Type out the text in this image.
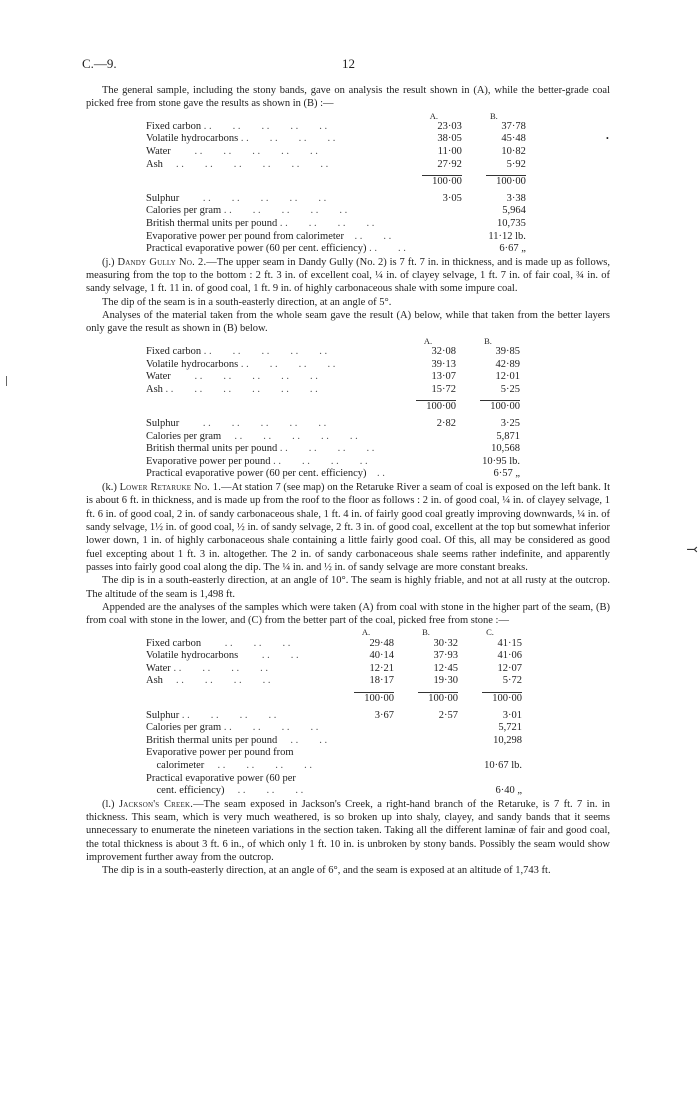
C.—9.	12
•
⤙

The general sample, including the stony bands, gave on analysis the result shown in (A), while the better-grade coal picked free from stone gave the results as shown in (B) :—

	A.	B.
Fixed carbon . .  . .  . .  . .  . .	23·03	37·78
Volatile hydrocarbons . .  . .  . .  . .	38·05	45·48
Water   . .  . .  . .  . .  . .	11·00	10·82
Ash  . .  . .  . .  . .  . .  . .	27·92	5·92

	100·00	100·00

Sulphur   . .  . .  . .  . .  . .	3·05	3·38
Calories per gram . .  . .  . .  . .  . .		5,964
British thermal units per pound . .  . .  . .  . .		10,735
Evaporative power per pound from calorimeter . .  . .		11·12 lb.
Practical evaporative power (60 per cent. efficiency) . .  . .		6·67 „

(j.) Dandy Gully No. 2.—The upper seam in Dandy Gully (No. 2) is 7 ft. 7 in. in thickness, and is made up as follows, measuring from the top to the bottom : 2 ft. 3 in. of excellent coal, ¼ in. of clayey selvage, 1 ft. 7 in. of fair coal, ¾ in. of sandy selvage, 1 ft. 11 in. of good coal, 1 ft. 9 in. of highly carbonaceous shale with some impure coal.

The dip of the seam is in a south-easterly direction, at an angle of 5°.

Analyses of the material taken from the whole seam gave the result (A) below, while that taken from the better layers only gave the result as shown in (B) below.

	A.	B.
Fixed carbon . .  . .  . .  . .  . .	32·08	39·85
Volatile hydrocarbons . .  . .  . .  . .	39·13	42·89
Water   . .  . .  . .  . .  . .	13·07	12·01
Ash . .  . .  . .  . .  . .  . .	15·72	5·25

	100·00	100·00

Sulphur   . .  . .  . .  . .  . .	2·82	3·25
Calories per gram  . .  . .  . .  . .  . .		5,871
British thermal units per pound . .  . .  . .  . .		10,568
Evaporative power per pound . .  . .  . .  . .		10·95 lb.
Practical evaporative power (60 per cent. efficiency) . .		6·57 „

(k.) Lower Retaruke No. 1.—At station 7 (see map) on the Retaruke River a seam of coal is exposed on the left bank. It is about 6 ft. in thickness, and is made up from the roof to the floor as follows : 2 in. of good coal, ¼ in. of clayey selvage, 1 ft. 6 in. of good coal, 2 in. of sandy carbonaceous shale, 1 ft. 4 in. of fairly good coal greatly improving downwards, ¼ in. of sandy selvage, 1½ in. of good coal, ½ in. of sandy selvage, 2 ft. 3 in. of good coal, excellent at the top but somewhat inferior lower down, 1 in. of highly carbonaceous shale containing a little fairly good coal. Of this, all may be considered as good fuel excepting about 1 ft. 3 in. altogether. The 2 in. of sandy carbonaceous shale seems rather indefinite, and apparently passes into fairly good coal along the dip. The ¼ in. and ½ in. of sandy selvage are more constant breaks.

The dip is in a south-easterly direction, at an angle of 10°. The seam is highly friable, and not at all rusty at the outcrop. The altitude of the seam is 1,498 ft.

Appended are the analyses of the samples which were taken (A) from coal with stone in the higher part of the seam, (B) from coal with stone in the lower, and (C) from the better part of the coal, picked free from stone :—

	A.	B.	C.
Fixed carbon   . .  . .  . .	29·48	30·32	41·15
Volatile hydrocarbons   . .  . .	40·14	37·93	41·06
Water . .  . .  . .  . .	12·21	12·45	12·07
Ash  . .  . .  . .  . .	18·17	19·30	5·72

	100·00	100·00	100·00

Sulphur . .  . .  . .  . .	3·67	2·57	3·01
Calories per gram . .  . .  . .  . .			5,721
British thermal units per pound  . .  . .			10,298
Evaporative power per pound from			
 calorimeter  . .  . .  . .  . .			10·67 lb.
Practical evaporative power (60 per			
 cent. efficiency)  . .  . .  . .			6·40 „

(l.) Jackson's Creek.—The seam exposed in Jackson's Creek, a right-hand branch of the Retaruke, is 7 ft. 7 in. in thickness. This seam, which is very much weathered, is so broken up into shaly, clayey, and sandy bands that it seems unnecessary to enumerate the nineteen variations in the section taken. Taking all the different laminæ of fair and good coal, the total thickness is about 3 ft. 6 in., of which only 1 ft. 10 in. is unbroken by stony bands. Possibly the seam would show improvement further away from the outcrop.

The dip is in a south-easterly direction, at an angle of 6°, and the seam is exposed at an altitude of 1,743 ft.
